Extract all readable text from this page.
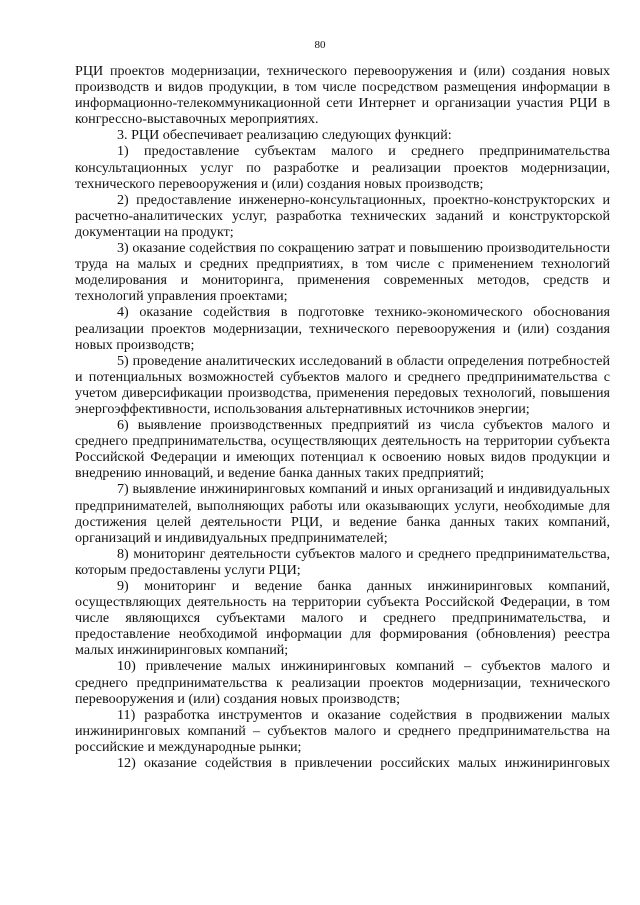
80

РЦИ проектов модернизации, технического перевооружения и (или) создания новых производств и видов продукции, в том числе посредством размещения информации в информационно-телекоммуникационной сети Интернет и организации участия РЦИ в конгрессно-выставочных мероприятиях.

3. РЦИ обеспечивает реализацию следующих функций:

1) предоставление субъектам малого и среднего предпринимательства консультационных услуг по разработке и реализации проектов модернизации, технического перевооружения и (или) создания новых производств;

2) предоставление инженерно-консультационных, проектно-конструкторских и расчетно-аналитических услуг, разработка технических заданий и конструкторской документации на продукт;

3) оказание содействия по сокращению затрат и повышению производительности труда на малых и средних предприятиях, в том числе с применением технологий моделирования и мониторинга, применения современных методов, средств и технологий управления проектами;

4) оказание содействия в подготовке технико-экономического обоснования реализации проектов модернизации, технического перевооружения и (или) создания новых производств;

5) проведение аналитических исследований в области определения потребностей и потенциальных возможностей субъектов малого и среднего предпринимательства с учетом диверсификации производства, применения передовых технологий, повышения энергоэффективности, использования альтернативных источников энергии;

6) выявление производственных предприятий из числа субъектов малого и среднего предпринимательства, осуществляющих деятельность на территории субъекта Российской Федерации и имеющих потенциал к освоению новых видов продукции и внедрению инноваций, и ведение банка данных таких предприятий;

7) выявление инжиниринговых компаний и иных организаций и индивидуальных предпринимателей, выполняющих работы или оказывающих услуги, необходимые для достижения целей деятельности РЦИ, и ведение банка данных таких компаний, организаций и индивидуальных предпринимателей;

8) мониторинг деятельности субъектов малого и среднего предпринимательства, которым предоставлены услуги РЦИ;

9) мониторинг и ведение банка данных инжиниринговых компаний, осуществляющих деятельность на территории субъекта Российской Федерации, в том числе являющихся субъектами малого и среднего предпринимательства, и предоставление необходимой информации для формирования (обновления) реестра малых инжиниринговых компаний;

10) привлечение малых инжиниринговых компаний – субъектов малого и среднего предпринимательства к реализации проектов модернизации, технического перевооружения и (или) создания новых производств;

11) разработка инструментов и оказание содействия в продвижении малых инжиниринговых компаний – субъектов малого и среднего предпринимательства на российские и международные рынки;

12) оказание содействия в привлечении российских малых инжиниринговых
